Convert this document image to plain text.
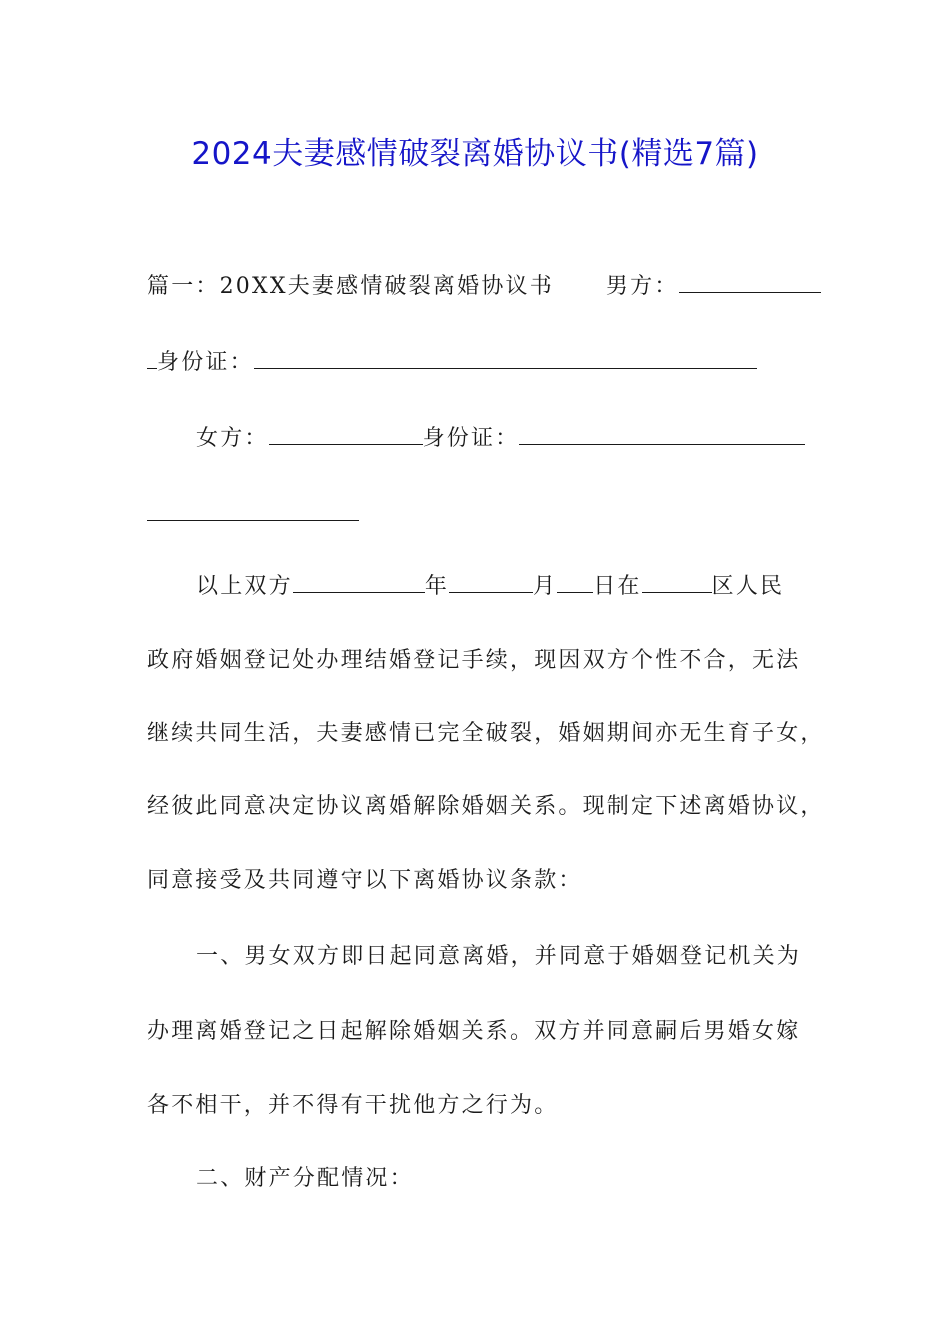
2024夫妻感情破裂离婚协议书(精选7篇)
篇一：20XX夫妻感情破裂离婚协议书 男方：
身份证：
女方：	身份证：
以上双方	年	月 日在	区人民
政府婚姻登记处办理结婚登记手续，现因双方个性不合，无法
继续共同生活，夫妻感情已完全破裂，婚姻期间亦无生育子女，
经彼此同意决定协议离婚解除婚姻关系。现制定下述离婚协议，
同意接受及共同遵守以下离婚协议条款：
一、男女双方即日起同意离婚，并同意于婚姻登记机关为
办理离婚登记之日起解除婚姻关系。双方并同意嗣后男婚女嫁
各不相干，并不得有干扰他方之行为。
二、财产分配情况：
